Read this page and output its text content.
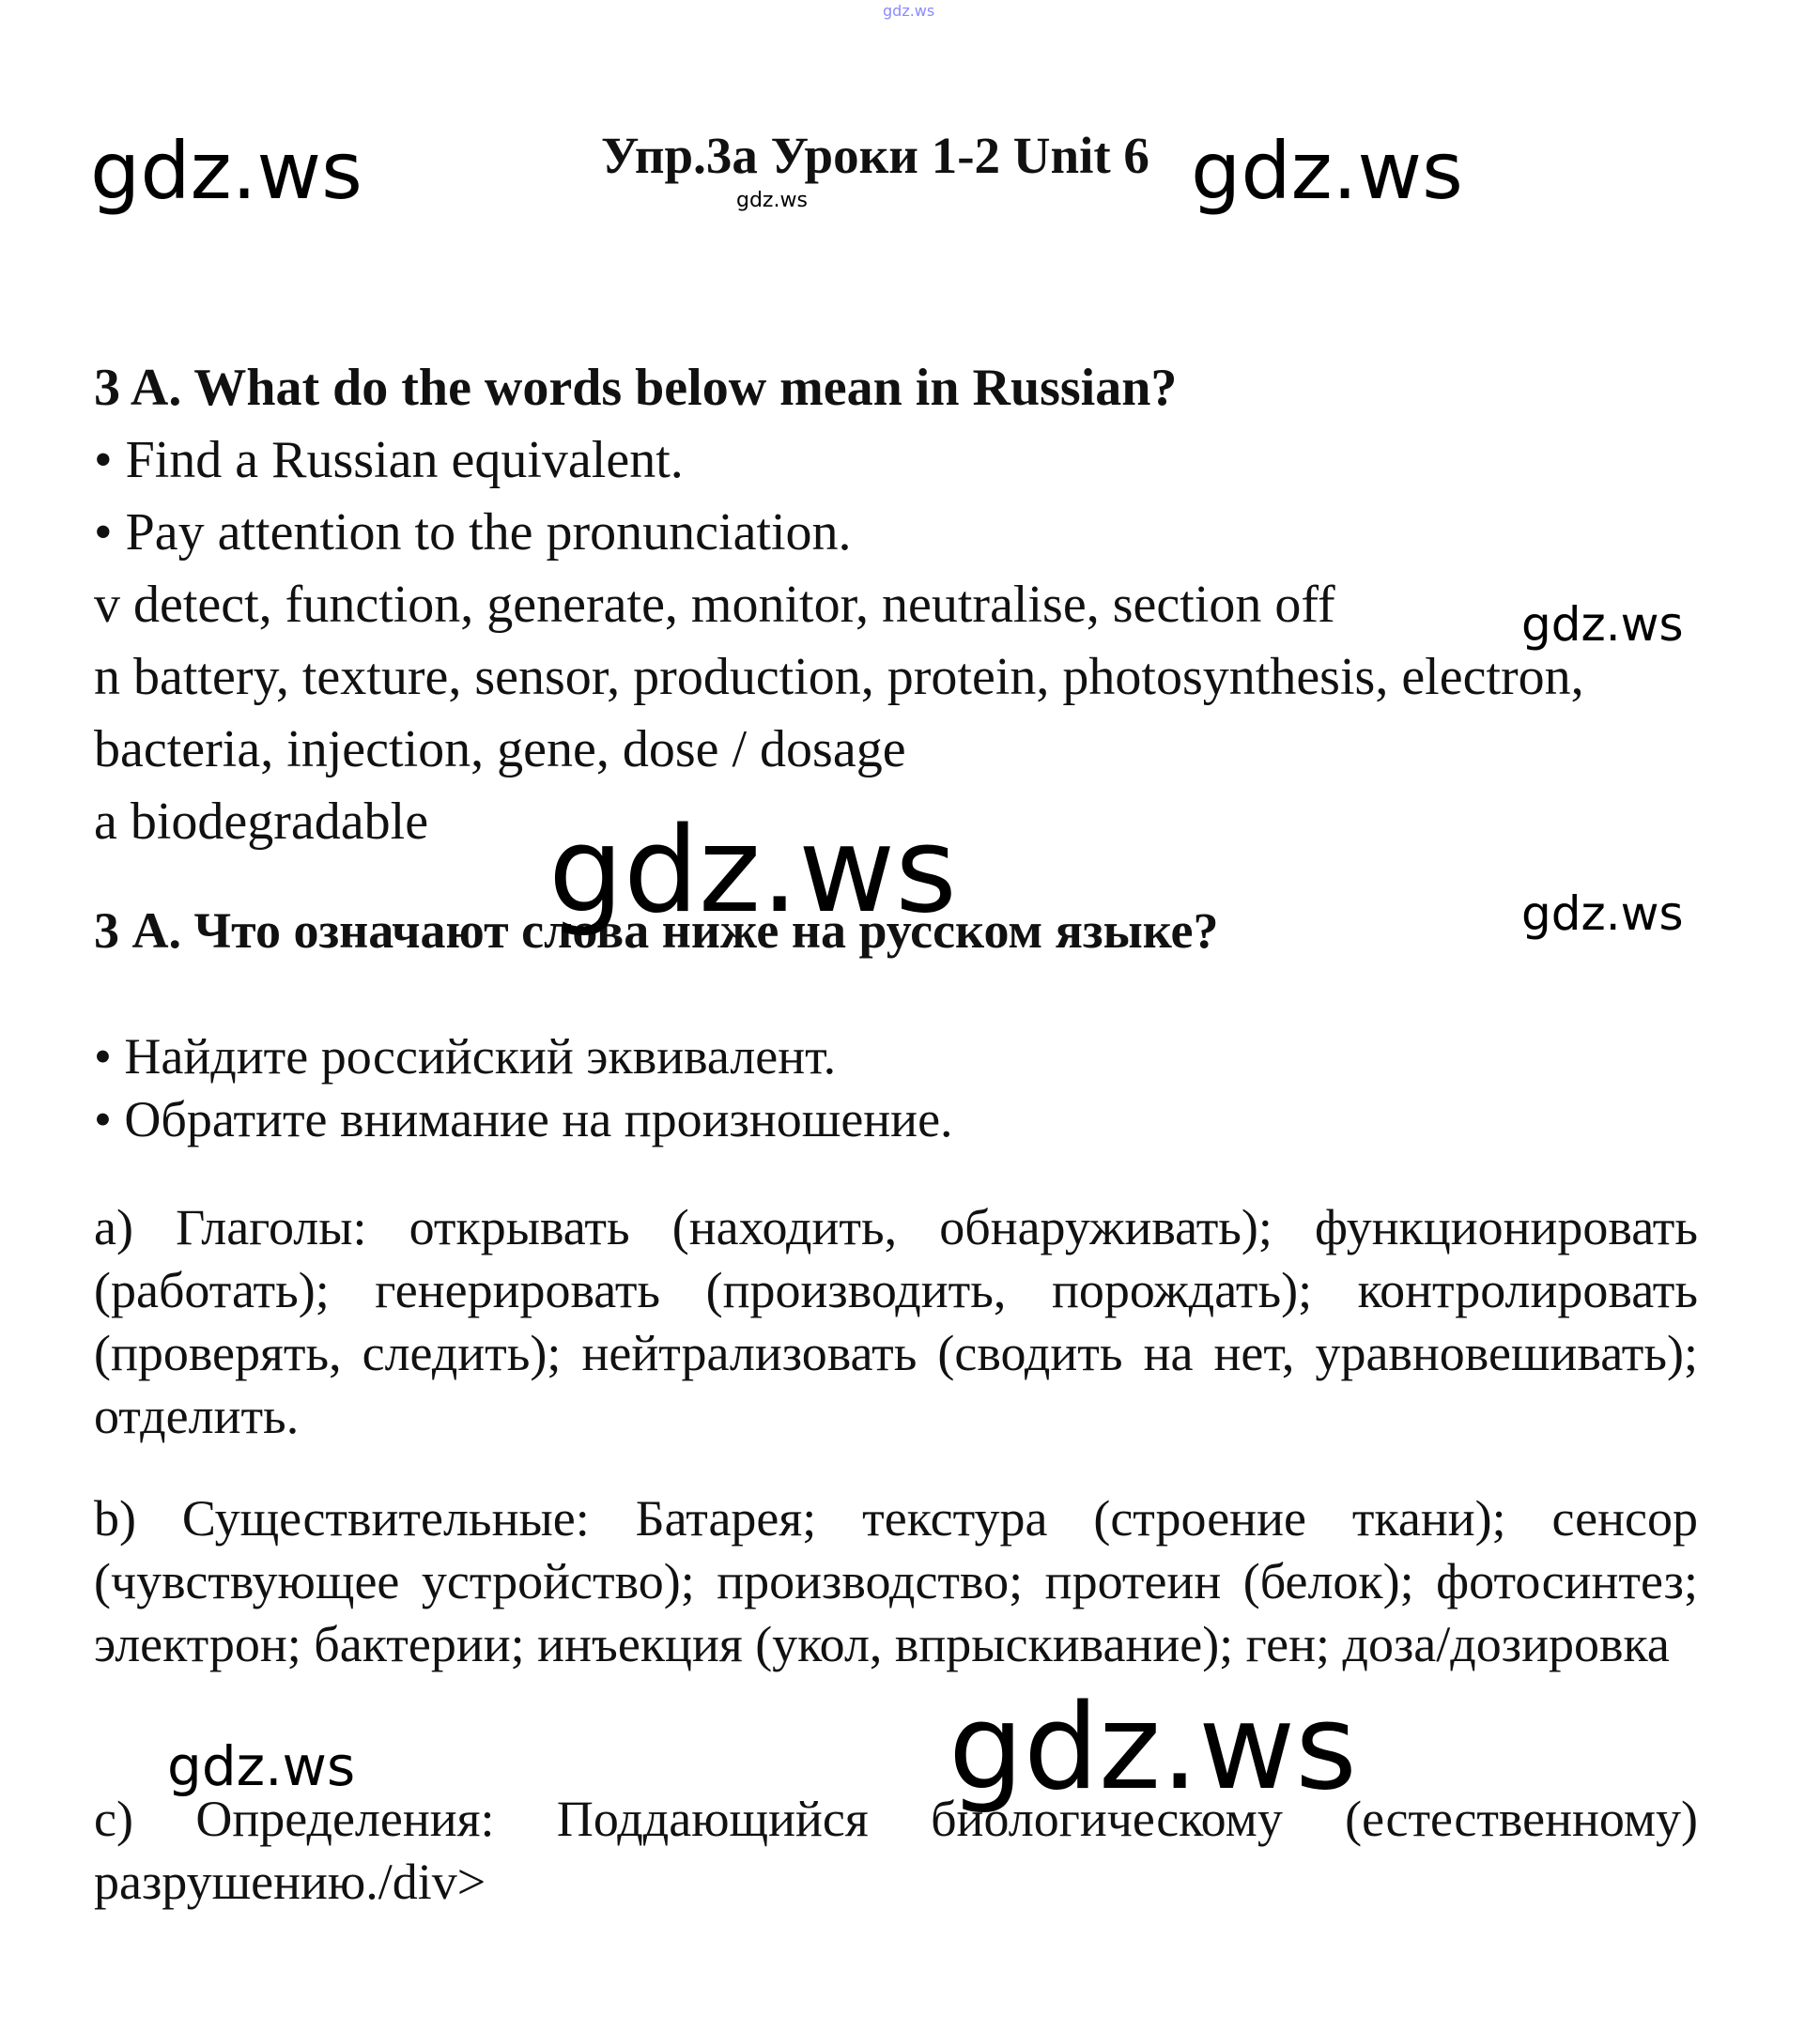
Упр.3а Уроки 1-2 Unit 6
3 A. What do the words below mean in Russian?
• Find a Russian equivalent.
• Pay attention to the pronunciation.
v detect, function, generate, monitor, neutralise, section off
n battery, texture, sensor, production, protein, photosynthesis, electron,
bacteria, injection, gene, dose / dosage
a biodegradable
3 А. Что означают слова ниже на русском языке?
• Найдите российский эквивалент.
• Обратите внимание на произношение.
а) Глаголы: открывать (находить, обнаруживать); функционировать (работать); генерировать (производить, порождать); контролировать (проверять, следить); нейтрализовать (сводить на нет, уравновешивать); отделить.
b) Существительные: Батарея; текстура (строение ткани); сенсор (чувствующее устройство); производство; протеин (белок); фотосинтез; электрон; бактерии; инъекция (укол, впрыскивание); ген; доза/дозировка
с) Определения: Поддающийся биологическому (естественному) разрушению./div>
gdz.ws
gdz.ws	gdz.ws
gdz.ws
gdz.ws
gdz.ws	gdz.ws
gdz.ws
gdz.ws
